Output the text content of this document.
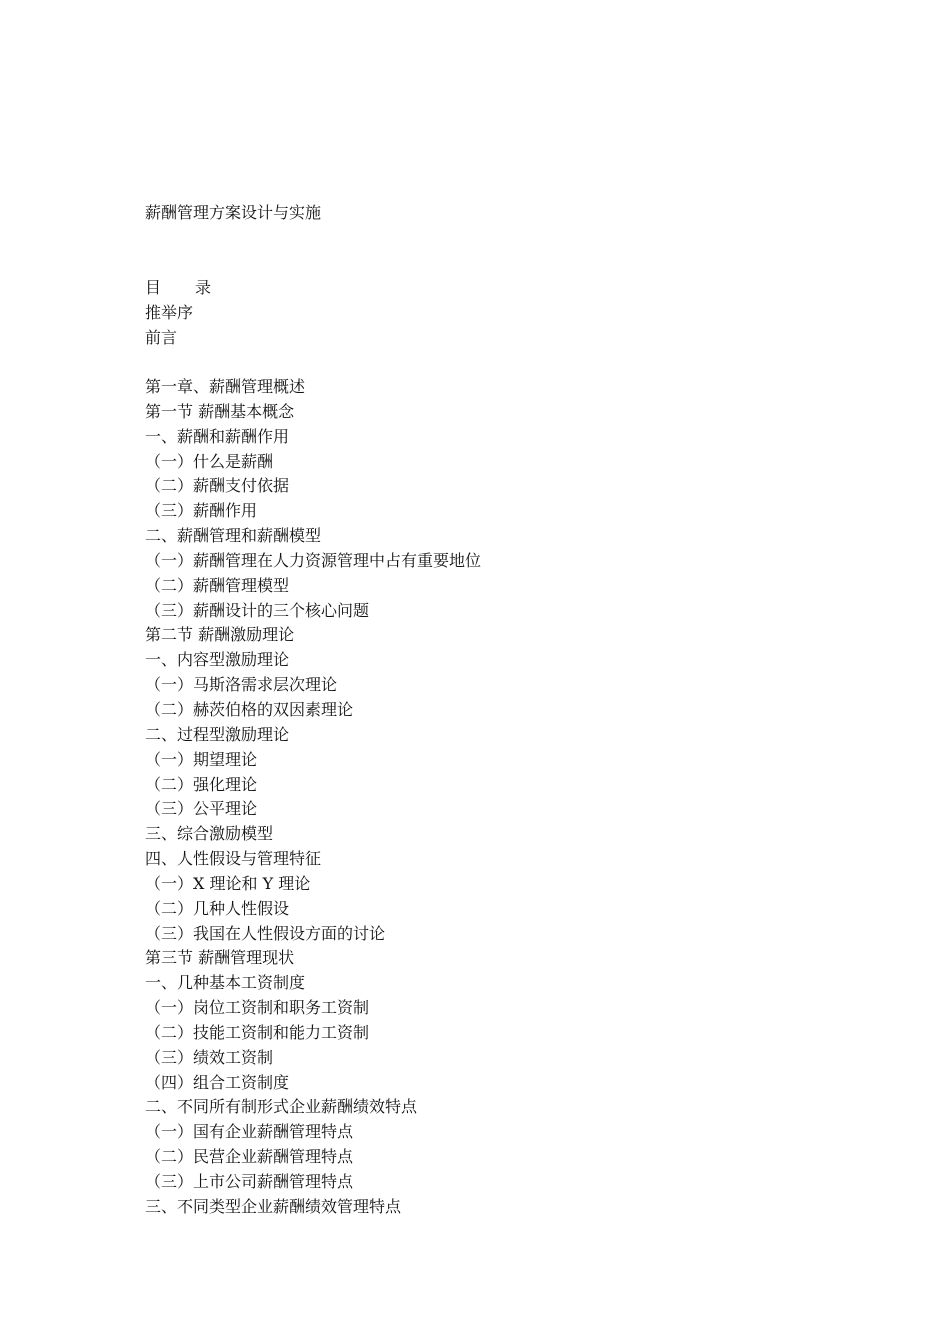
薪酬管理方案设计与实施
目 录
推举序
前言
第一章、薪酬管理概述
第一节 薪酬基本概念
一、薪酬和薪酬作用
（一）什么是薪酬
（二）薪酬支付依据
（三）薪酬作用
二、薪酬管理和薪酬模型
（一）薪酬管理在人力资源管理中占有重要地位
（二）薪酬管理模型
（三）薪酬设计的三个核心问题
第二节 薪酬激励理论
一、内容型激励理论
（一）马斯洛需求层次理论
（二）赫茨伯格的双因素理论
二、过程型激励理论
（一）期望理论
（二）强化理论
（三）公平理论
三、综合激励模型
四、人性假设与管理特征
（一）X 理论和 Y 理论
（二）几种人性假设
（三）我国在人性假设方面的讨论
第三节 薪酬管理现状
一、几种基本工资制度
（一）岗位工资制和职务工资制
（二）技能工资制和能力工资制
（三）绩效工资制
（四）组合工资制度
二、不同所有制形式企业薪酬绩效特点
（一）国有企业薪酬管理特点
（二）民营企业薪酬管理特点
（三）上市公司薪酬管理特点
三、不同类型企业薪酬绩效管理特点
